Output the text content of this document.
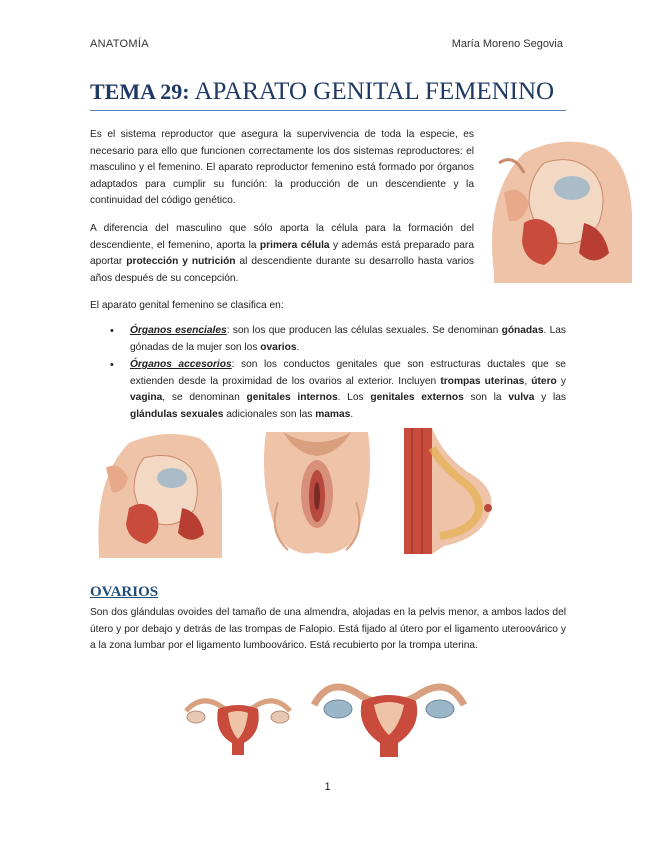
ANATOMÍA	María Moreno Segovia
TEMA 29: APARATO GENITAL FEMENINO
Es el sistema reproductor que asegura la supervivencia de toda la especie, es necesario para ello que funcionen correctamente los dos sistemas reproductores: el masculino y el femenino. El aparato reproductor femenino está formado por órganos adaptados para cumplir su función: la producción de un descendiente y la continuidad del código genético.
A diferencia del masculino que sólo aporta la célula para la formación del descendiente, el femenino, aporta la primera célula y además está preparado para aportar protección y nutrición al descendiente durante su desarrollo hasta varios años después de su concepción.
El aparato genital femenino se clasifica en:
• Órganos esenciales: son los que producen las células sexuales. Se denominan gónadas. Las gónadas de la mujer son los ovarios.
• Órganos accesorios: son los conductos genitales que son estructuras ductales que se extienden desde la proximidad de los ovarios al exterior. Incluyen trompas uterinas, útero y vagina, se denominan genitales internos. Los genitales externos son la vulva y las glándulas sexuales adicionales son las mamas.
OVARIOS
Son dos glándulas ovoides del tamaño de una almendra, alojadas en la pelvis menor, a ambos lados del útero y por debajo y detrás de las trompas de Falopio. Está fijado al útero por el ligamento uteroovárico y a la zona lumbar por el ligamento lumboovárico. Está recubierto por la trompa uterina.
1
